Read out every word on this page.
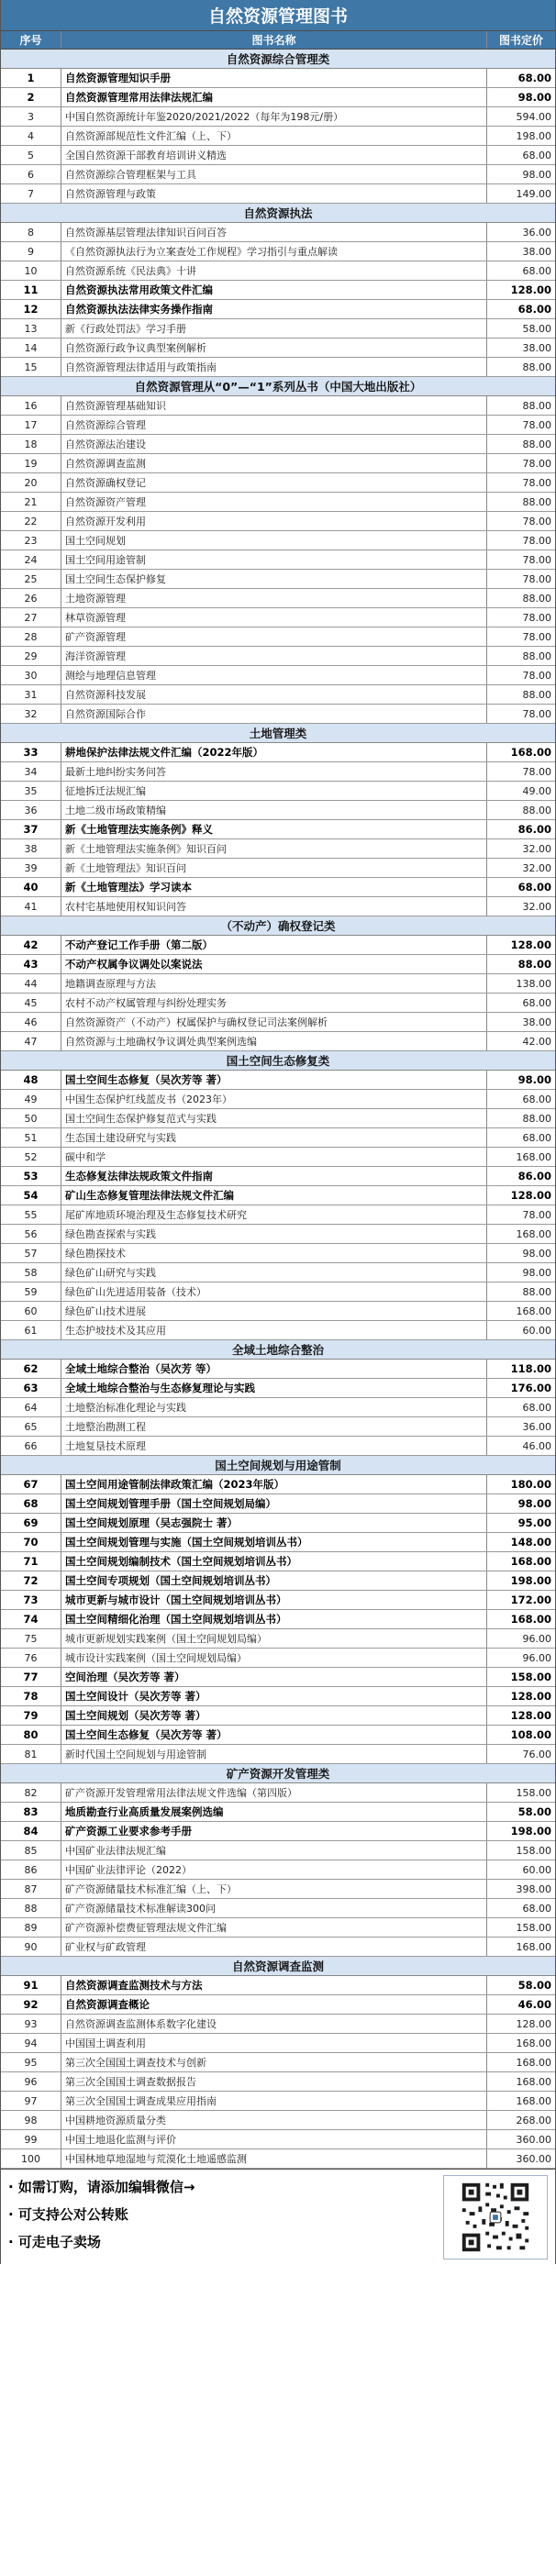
自然资源管理图书
序号	图书名称	图书定价
自然资源综合管理类
1	自然资源管理知识手册	68.00
2	自然资源管理常用法律法规汇编	98.00
3	中国自然资源统计年鉴2020/2021/2022（每年为198元/册）	594.00
4	自然资源部规范性文件汇编（上、下）	198.00
5	全国自然资源干部教育培训讲义精选	68.00
6	自然资源综合管理框架与工具	98.00
7	自然资源管理与政策	149.00
自然资源执法
8	自然资源基层管理法律知识百问百答	36.00
9	《自然资源执法行为立案查处工作规程》学习指引与重点解读	38.00
10	自然资源系统《民法典》十讲	68.00
11	自然资源执法常用政策文件汇编	128.00
12	自然资源执法法律实务操作指南	68.00
13	新《行政处罚法》学习手册	58.00
14	自然资源行政争议典型案例解析	38.00
15	自然资源管理法律适用与政策指南	88.00
自然资源管理从“0”—“1”系列丛书（中国大地出版社）
16	自然资源管理基础知识	88.00
17	自然资源综合管理	78.00
18	自然资源法治建设	88.00
19	自然资源调查监测	78.00
20	自然资源确权登记	78.00
21	自然资源资产管理	88.00
22	自然资源开发利用	78.00
23	国土空间规划	78.00
24	国土空间用途管制	78.00
25	国土空间生态保护修复	78.00
26	土地资源管理	88.00
27	林草资源管理	78.00
28	矿产资源管理	78.00
29	海洋资源管理	88.00
30	测绘与地理信息管理	78.00
31	自然资源科技发展	88.00
32	自然资源国际合作	78.00
土地管理类
33	耕地保护法律法规文件汇编（2022年版）	168.00
34	最新土地纠纷实务问答	78.00
35	征地拆迁法规汇编	49.00
36	土地二级市场政策精编	88.00
37	新《土地管理法实施条例》释义	86.00
38	新《土地管理法实施条例》知识百问	32.00
39	新《土地管理法》知识百问	32.00
40	新《土地管理法》学习读本	68.00
41	农村宅基地使用权知识问答	32.00
（不动产）确权登记类
42	不动产登记工作手册（第二版）	128.00
43	不动产权属争议调处以案说法	88.00
44	地籍调查原理与方法	138.00
45	农村不动产权属管理与纠纷处理实务	68.00
46	自然资源资产（不动产）权属保护与确权登记司法案例解析	38.00
47	自然资源与土地确权争议调处典型案例选编	42.00
国土空间生态修复类
48	国土空间生态修复（吴次芳等 著）	98.00
49	中国生态保护红线蓝皮书（2023年）	68.00
50	国土空间生态保护修复范式与实践	88.00
51	生态国土建设研究与实践	68.00
52	碳中和学	168.00
53	生态修复法律法规政策文件指南	86.00
54	矿山生态修复管理法律法规文件汇编	128.00
55	尾矿库地质环境治理及生态修复技术研究	78.00
56	绿色勘查探索与实践	168.00
57	绿色勘探技术	98.00
58	绿色矿山研究与实践	98.00
59	绿色矿山先进适用装备（技术）	88.00
60	绿色矿山技术进展	168.00
61	生态护坡技术及其应用	60.00
全域土地综合整治
62	全域土地综合整治（吴次芳 等）	118.00
63	全域土地综合整治与生态修复理论与实践	176.00
64	土地整治标准化理论与实践	68.00
65	土地整治勘测工程	36.00
66	土地复垦技术原理	46.00
国土空间规划与用途管制
67	国土空间用途管制法律政策汇编（2023年版）	180.00
68	国土空间规划管理手册（国土空间规划局编）	98.00
69	国土空间规划原理（吴志强院士 著）	95.00
70	国土空间规划管理与实施（国土空间规划培训丛书）	148.00
71	国土空间规划编制技术（国土空间规划培训丛书）	168.00
72	国土空间专项规划（国土空间规划培训丛书）	198.00
73	城市更新与城市设计（国土空间规划培训丛书）	172.00
74	国土空间精细化治理（国土空间规划培训丛书）	168.00
75	城市更新规划实践案例（国土空间规划局编）	96.00
76	城市设计实践案例（国土空间规划局编）	96.00
77	空间治理（吴次芳等 著）	158.00
78	国土空间设计（吴次芳等 著）	128.00
79	国土空间规划（吴次芳等 著）	128.00
80	国土空间生态修复（吴次芳等 著）	108.00
81	新时代国土空间规划与用途管制	76.00
矿产资源开发管理类
82	矿产资源开发管理常用法律法规文件选编（第四版）	158.00
83	地质勘查行业高质量发展案例选编	58.00
84	矿产资源工业要求参考手册	198.00
85	中国矿业法律法规汇编	158.00
86	中国矿业法律评论（2022）	60.00
87	矿产资源储量技术标准汇编（上、下）	398.00
88	矿产资源储量技术标准解读300问	68.00
89	矿产资源补偿费征管理法规文件汇编	158.00
90	矿业权与矿政管理	168.00
自然资源调查监测
91	自然资源调查监测技术与方法	58.00
92	自然资源调查概论	46.00
93	自然资源调查监测体系数字化建设	128.00
94	中国国土调查利用	168.00
95	第三次全国国土调查技术与创新	168.00
96	第三次全国国土调查数据报告	168.00
97	第三次全国国土调查成果应用指南	168.00
98	中国耕地资源质量分类	268.00
99	中国土地退化监测与评价	360.00
100	中国林地草地湿地与荒漠化土地遥感监测	360.00
· 如需订购，请添加编辑微信→
· 可支持公对公转账
· 可走电子卖场
